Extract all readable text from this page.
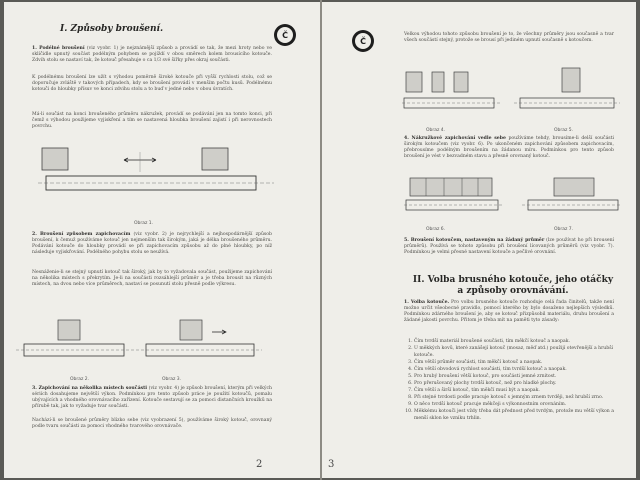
I. Způsoby broušení.
Č
1. Podélné broušení (viz vyobr. 1) je nejznámější způsob a provádí se tak, že mezi hroty nebo ve sklíčidle upnutý součást podélným pohybem se pojíždí v obou směrech kolem brousícího kotouče. Zdvih stolu se nastaví tak, že kotouč přesahuje o ca 1/3 své šířky přes okraj součásti.
K podélnému broušení lze užít s výhodou poměrně široké kotouče při vyšší rychlosti stolu, což se doporučuje zvláště v takových případech, kdy se broušení provádí v menším počtu kusů. Podélnému kotouči do hloubky přísuv ve konci zdvihu stolu a to buď v jedné nebo v obou úvratích.
Má-li součást na konci broušeného průměru nákružek, provádí se podávání jen na tomto konci, při čemž s výhodou použijeme vyjiskření a tím se nastavená hloubka broušení zajistí i při nerovnostech povrchu.
Obraz 1.
2. Broušení způsobem zapichovacím (viz vyobr. 2) je nejrychlejší a nejhospodárnější způsob broušení, k čemuž používáme kotouč jen nejmenším tak širokým, jaká je délka broušeného průměru. Podávání kotouče do hloubky provádí se při zapichovacím způsobu až do plné hloubky, po níž následuje vyjiskřování. Podélného pohybu stolu se neužívá.
Nesnáženie-li se stejný upnutí kotouč tak široký, jak by to vyžadovala součást, použijeme zapichování na několika místech s překrytím. Je-li na součásti rozsáhlejší průměr a je třeba brousit na různých místech, na dvou nebo více průměrech, nastaví se posunutí stolu přesně podle výkresu.
Obraz 2.	Obraz 3.
3. Zapichování na několika místech součásti (viz vyobr. 4) je způsob broušení, kterým při velkých sériích dosahujeme největší výkon. Podmínkou pro tento způsob práce je použití kotoučů, pomalu ubývajících a vhodného orovnávacího zařízení. Kotouče sestavují se za pomoci distančních kroužků na přírubě tak, jak to vyžaduje tvar součásti.
Nachází-li se broušené průměry blízko sebe (viz vyobrazení 5), používáme široký kotouč, orovnaný podle tvaru součásti za pomoci vhodného tvarového orovnávače.
2
Č
Velkou výhodou tohoto způsobu broušení je to, že všechny průměry jsou současně a tvar všech součástí stejný, protože se brousí při jediném upnutí současně s kotoučem.
Obraz 4.	Obraz 5.
4. Nákružkové zapichování vedle sebe používáme tehdy, brousíme-li delší součásti širokým kotoučem (viz vyobr. 6). Po ukončeném zapichování způsobem zapichovacím, přebrousíme podélným broušením na žádanou míru. Podmínkou pro tento způsob broušení je vést v bezvadném stavu a přesně orovnaný kotouč.
Obraz 6.	Obraz 7.
5. Broušení kotoučem, nastaveným na žádaný průměr (lze používat ho při brousení průměrů). Používá se tohoto způsobu při broušení lícovaných průměrů (viz vyobr. 7). Podmínkou je velmi přesné nastavení kotouče a pečlivé orovnání.
II. Volba brusného kotouče, jeho otáčky a způsoby orovnávání.
1. Volba kotouče. Pro volbu brusného kotouče rozhoduje celá řada činitelů, takže není možno určit všeobecné pravidlo, pomocí kterého by bylo dosaženo nejlepších výsledků. Podmínkou zdárného broušení je, aby se kotouč přizpůsobil materiálu, druhu broušení a žádané jakosti povrchu. Přitom je třeba mít na paměti tyto zásady:
1. Čím tvrdší materiál broušené součásti, tím měkčí kotouč a naopak.
2. U měkkých kovů, které zanášejí kotouč (mosaz, měď atd.) použijí otevřenější a hrubší kotouče.
3. Čím větší průměr součásti, tím měkčí kotouč a naopak.
4. Čím větší obvodová rychlost součásti, tím tvrdší kotouč a naopak.
5. Pro hrubý broušení větší kotouč, pro součásti jemné zrnitost.
6. Pro přerušovaný plochy tvrdší kotouč, než pro hladké plochy.
7. Čím větší a širší kotouč, tím měkčí musí být a naopak.
8. Při stejné tvrdosti podle pracuje kotouč s jemným zrnem tvrději, než hrubší zrno.
9. O něco tvrdší kotouč pracuje měkčeji s výkonnostním orovnáním.
10. Měkkému kotouči jest vždy třeba dát přednost před tvrdým, protože mu větší výkon a menší sklon ke vzniku trhlin.
3
